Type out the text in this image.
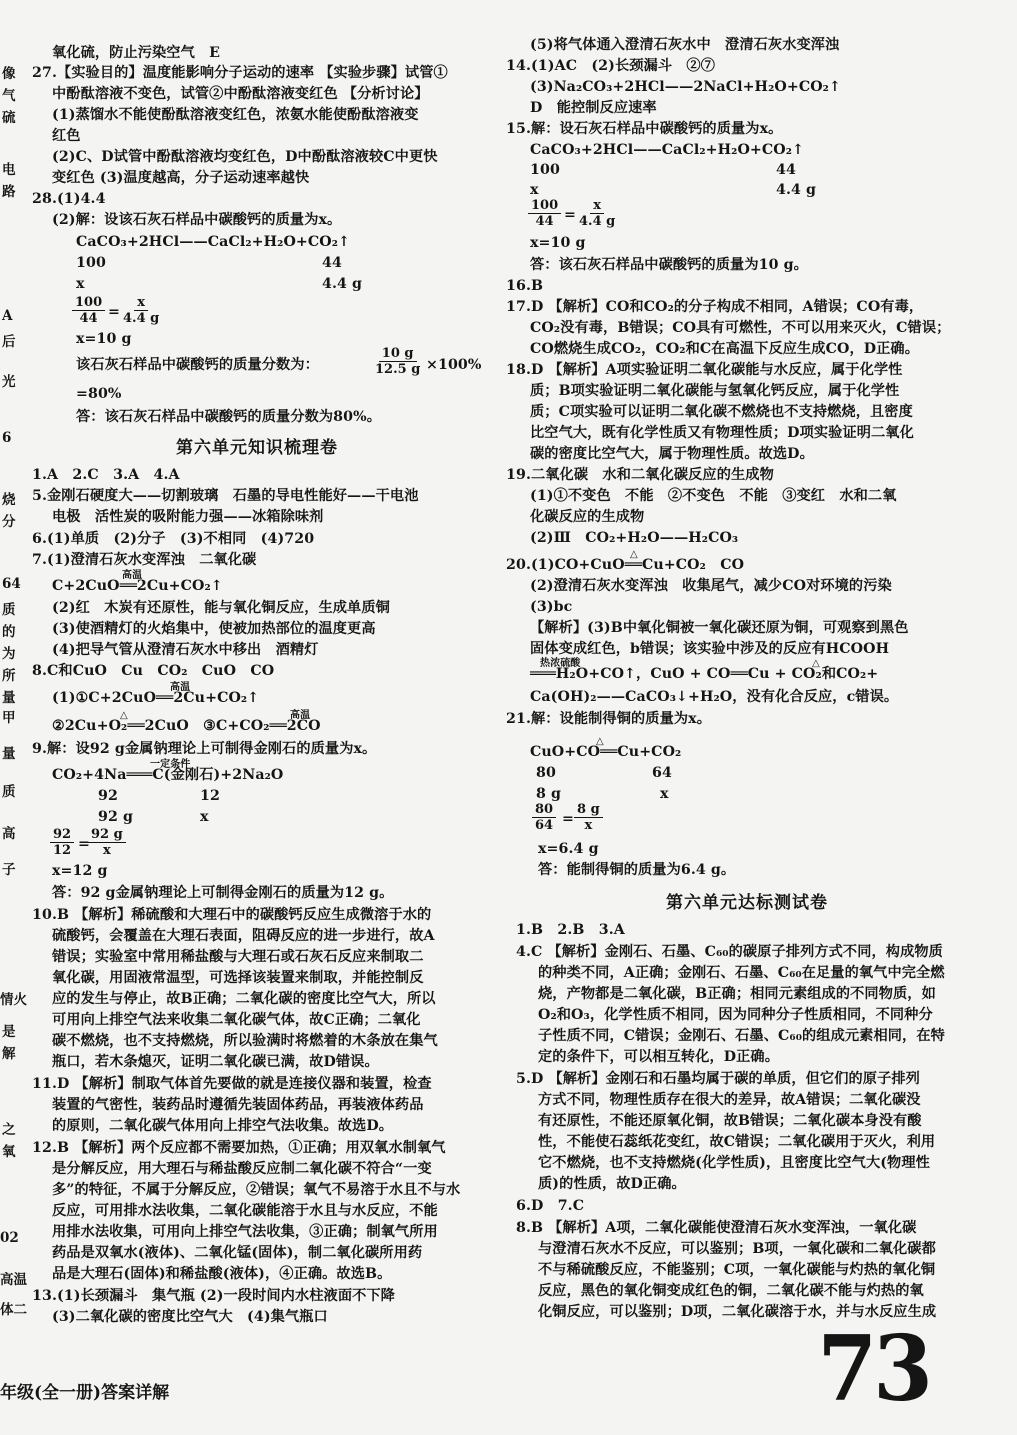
像
气
硫
电
路
A
后
光
6
烧
分
64
质
的
为
所
量
甲
量
质
高
子
情火
是
解
之
氧
02
高温
体二
氧化硫，防止污染空气　E
27.【实验目的】温度能影响分子运动的速率 【实验步骤】试管①
中酚酞溶液不变色，试管②中酚酞溶液变红色 【分析讨论】
(1)蒸馏水不能使酚酞溶液变红色，浓氨水能使酚酞溶液变
红色
(2)C、D试管中酚酞溶液均变红色，D中酚酞溶液较C中更快
变红色 (3)温度越高，分子运动速率越快
28.(1)4.4
(2)解：设该石灰石样品中碳酸钙的质量为x。
CaCO₃+2HCl——CaCl₂+H₂O+CO₂↑
100	44
x	4.4 g
$\frac{100}{44} = \frac{x}{4.4 g}$
x=10 g
该石灰石样品中碳酸钙的质量分数为：	$\frac{10 g}{12.5 g} \times 100\%$
=80%
答：该石灰石样品中碳酸钙的质量分数为80%。
第六单元知识梳理卷
1.A　2.C　3.A　4.A
5.金刚石硬度大——切割玻璃　石墨的导电性能好——干电池
电极　活性炭的吸附能力强——冰箱除味剂
6.(1)单质　(2)分子　(3)不相同　(4)720
7.(1)澄清石灰水变浑浊　二氧化碳
高温
C+2CuO══2Cu+CO₂↑
(2)红　木炭有还原性，能与氧化铜反应，生成单质铜
(3)使酒精灯的火焰集中，使被加热部位的温度更高
(4)把导气管从澄清石灰水中移出　酒精灯
8.C和CuO　Cu　CO₂　CuO　CO
高温
(1)①C+2CuO══2Cu+CO₂↑
△	高温
②2Cu+O₂══2CuO　③C+CO₂══2CO
9.解：设92 g金属钠理论上可制得金刚石的质量为x。
一定条件
CO₂+4Na═══C(金刚石)+2Na₂O
92	12
92 g	x
$\frac{92}{12}$ =
$\frac{92 g}{x}$
x=12 g
答：92 g金属钠理论上可制得金刚石的质量为12 g。
10.B 【解析】稀硫酸和大理石中的碳酸钙反应生成微溶于水的
硫酸钙，会覆盖在大理石表面，阻碍反应的进一步进行，故A
错误；实验室中常用稀盐酸与大理石或石灰石反应来制取二
氧化碳，用固液常温型，可选择该装置来制取，并能控制反
应的发生与停止，故B正确；二氧化碳的密度比空气大，所以
可用向上排空气法来收集二氧化碳气体，故C正确；二氧化
碳不燃烧，也不支持燃烧，所以验满时将燃着的木条放在集气
瓶口，若木条熄灭，证明二氧化碳已满，故D错误。
11.D 【解析】制取气体首先要做的就是连接仪器和装置，检查
装置的气密性，装药品时遵循先装固体药品，再装液体药品
的原则，二氧化碳气体用向上排空气法收集。故选D。
12.B 【解析】两个反应都不需要加热，①正确；用双氧水制氧气
是分解反应，用大理石与稀盐酸反应制二氧化碳不符合“一变
多”的特征，不属于分解反应，②错误；氧气不易溶于水且不与水
反应，可用排水法收集，二氧化碳能溶于水且与水反应，不能
用排水法收集，可用向上排空气法收集，③正确；制氧气所用
药品是双氧水(液体)、二氧化锰(固体)，制二氧化碳所用药
品是大理石(固体)和稀盐酸(液体)，④正确。故选B。
13.(1)长颈漏斗　集气瓶 (2)一段时间内水柱液面不下降
(3)二氧化碳的密度比空气大　(4)集气瓶口
(5)将气体通入澄清石灰水中　澄清石灰水变浑浊
14.(1)AC　(2)长颈漏斗　②⑦
(3)Na₂CO₃+2HCl——2NaCl+H₂O+CO₂↑
D　能控制反应速率
15.解：设石灰石样品中碳酸钙的质量为x。
CaCO₃+2HCl——CaCl₂+H₂O+CO₂↑
100	44
x	4.4 g
$\frac{100}{44} = \frac{x}{4.4 g}$
x=10 g
答：该石灰石样品中碳酸钙的质量为10 g。
16.B
17.D 【解析】CO和CO₂的分子构成不相同，A错误；CO有毒，
CO₂没有毒，B错误；CO具有可燃性，不可以用来灭火，C错误；
CO燃烧生成CO₂，CO₂和C在高温下反应生成CO，D正确。
18.D 【解析】A项实验证明二氧化碳能与水反应，属于化学性
质；B项实验证明二氧化碳能与氢氧化钙反应，属于化学性
质；C项实验可以证明二氧化碳不燃烧也不支持燃烧，且密度
比空气大，既有化学性质又有物理性质；D项实验证明二氧化
碳的密度比空气大，属于物理性质。故选D。
19.二氧化碳　水和二氧化碳反应的生成物
(1)①不变色　不能　②不变色　不能　③变红　水和二氧
化碳反应的生成物
(2)Ⅲ　CO₂+H₂O——H₂CO₃
△
20.(1)CO+CuO══Cu+CO₂　CO
(2)澄清石灰水变浑浊　收集尾气，减少CO对环境的污染
(3)bc
【解析】(3)B中氧化铜被一氧化碳还原为铜，可观察到黑色
固体变成红色，b错误；该实验中涉及的反应有HCOOH
热浓硫酸	△
═══H₂O+CO↑，CuO + CO══Cu + CO₂和CO₂+
Ca(OH)₂——CaCO₃↓+H₂O，没有化合反应，c错误。
21.解：设能制得铜的质量为x。
△
CuO+CO══Cu+CO₂
80	64
8 g	x
$\frac{80}{64} = \frac{8 g}{x}$
x=6.4 g
答：能制得铜的质量为6.4 g。
第六单元达标测试卷
1.B　2.B　3.A
4.C 【解析】金刚石、石墨、C₆₀的碳原子排列方式不同，构成物质
的种类不同，A正确；金刚石、石墨、C₆₀在足量的氧气中完全燃
烧，产物都是二氧化碳，B正确；相同元素组成的不同物质，如
O₂和O₃，化学性质不相同，因为同种分子性质相同，不同种分
子性质不同，C错误；金刚石、石墨、C₆₀的组成元素相同，在特
定的条件下，可以相互转化，D正确。
5.D 【解析】金刚石和石墨均属于碳的单质，但它们的原子排列
方式不同，物理性质存在很大的差异，故A错误；二氧化碳没
有还原性，不能还原氧化铜，故B错误；二氧化碳本身没有酸
性，不能使石蕊纸花变红，故C错误；二氧化碳用于灭火，利用
它不燃烧，也不支持燃烧(化学性质)，且密度比空气大(物理性
质)的性质，故D正确。
6.D　7.C
8.B 【解析】A项，二氧化碳能使澄清石灰水变浑浊，一氧化碳
与澄清石灰水不反应，可以鉴别；B项，一氧化碳和二氧化碳都
不与稀硫酸反应，不能鉴别；C项，一氧化碳能与灼热的氧化铜
反应，黑色的氧化铜变成红色的铜，二氧化碳不能与灼热的氧
化铜反应，可以鉴别；D项，二氧化碳溶于水，并与水反应生成
年级(全一册)答案详解	73
